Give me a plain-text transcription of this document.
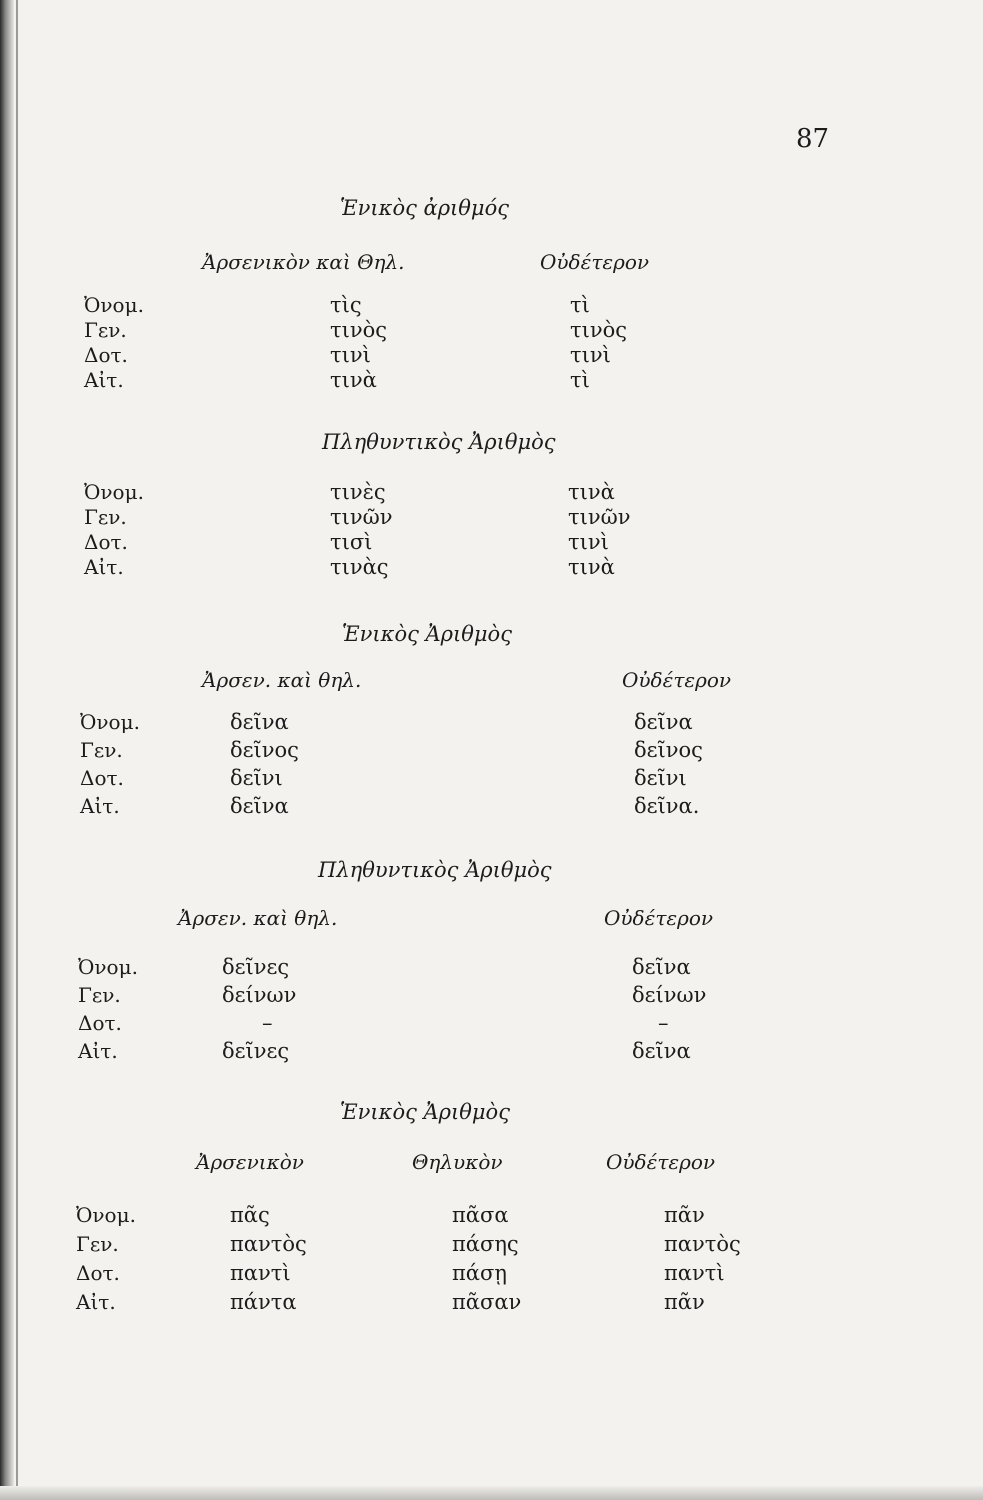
87
Ἑνικὸς ἀριθμός
Ἀρσενικὸν καὶ Θηλ.	Οὐδέτερον
Ὀνομ.	τὶς	τὶ
Γεν.	τινὸς	τινὸς
Δοτ.	τινὶ	τινὶ
Αἰτ.	τινὰ	τὶ
Πληθυντικὸς Ἀριθμὸς
Ὀνομ.	τινὲς	τινὰ
Γεν.	τινῶν	τινῶν
Δοτ.	τισὶ	τινὶ
Αἰτ.	τινὰς	τινὰ
Ἑνικὸς Ἀριθμὸς
Ἀρσεν. καὶ θηλ.	Οὐδέτερον
Ὀνομ.	δεῖνα	δεῖνα
Γεν.	δεῖνος	δεῖνος
Δοτ.	δεῖνι	δεῖνι
Αἰτ.	δεῖνα	δεῖνα.
Πληθυντικὸς Ἀριθμὸς
Ἀρσεν. καὶ θηλ.	Οὐδέτερον
Ὀνομ.	δεῖνες	δεῖνα
Γεν.	δείνων	δείνων
Δοτ.	–	–
Αἰτ.	δεῖνες	δεῖνα
Ἑνικὸς Ἀριθμὸς
Ἀρσενικὸν	Θηλυκὸν	Οὐδέτερον
Ὀνομ.	πᾶς	πᾶσα	πᾶν
Γεν.	παντὸς	πάσης	παντὸς
Δοτ.	παντὶ	πάσῃ	παντὶ
Αἰτ.	πάντα	πᾶσαν	πᾶν
